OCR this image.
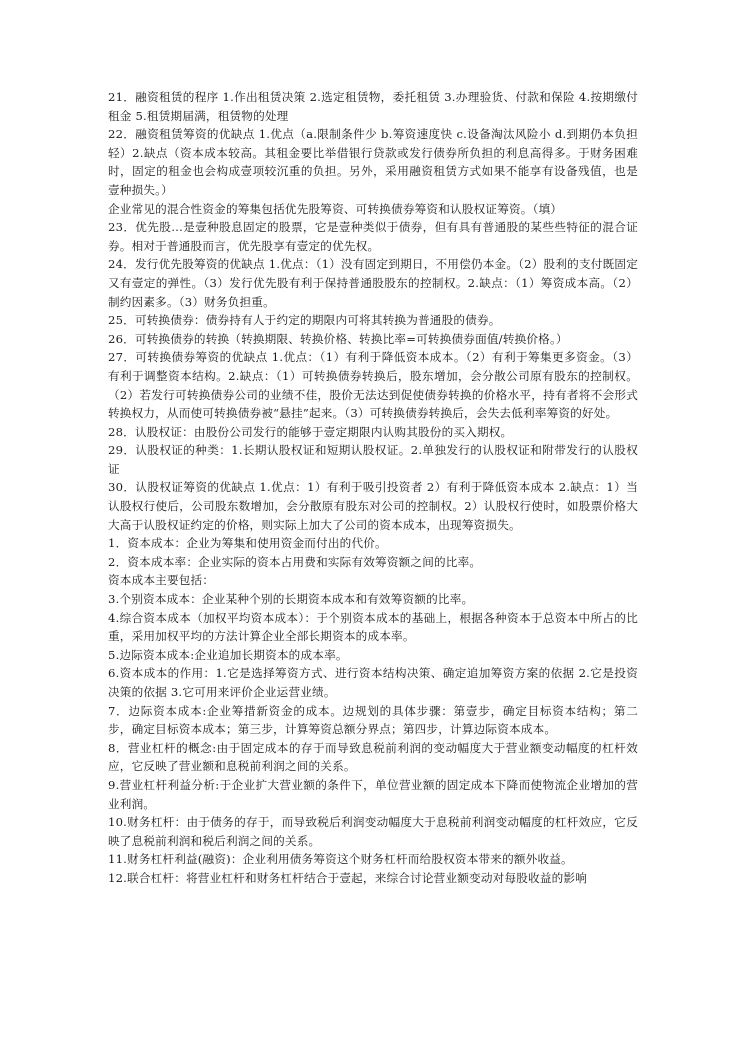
21．融资租赁的程序 1.作出租赁决策 2.选定租赁物，委托租赁 3.办理验货、付款和保险 4.按期缴付租金 5.租赁期届满，租赁物的处理

22．融资租赁筹资的优缺点 1.优点（a.限制条件少 b.筹资速度快 c.设备淘汰风险小 d.到期仍本负担轻）2.缺点（资本成本较高。其租金要比举借银行贷款或发行债券所负担的利息高得多。于财务困难时，固定的租金也会构成壹项较沉重的负担。另外，采用融资租赁方式如果不能享有设备残值，也是壹种损失。）

企业常见的混合性资金的筹集包括优先股筹资、可转换债券筹资和认股权证筹资。（填）

23．优先股…是壹种股息固定的股票，它是壹种类似于债券，但有具有普通股的某些些特征的混合证券。相对于普通股而言，优先股享有壹定的优先权。

24．发行优先股筹资的优缺点 1.优点：（1）没有固定到期日，不用偿仍本金。（2）股利的支付既固定又有壹定的弹性。（3）发行优先股有利于保持普通股股东的控制权。2.缺点：（1）筹资成本高。（2）制约因素多。（3）财务负担重。

25．可转换债券：债券持有人于约定的期限内可将其转换为普通股的债券。

26．可转换债券的转换（转换期限、转换价格、转换比率=可转换债券面值/转换价格。）

27．可转换债券筹资的优缺点 1.优点：（1）有利于降低资本成本。（2）有利于筹集更多资金。（3）有利于调整资本结构。2.缺点：（1）可转换债券转换后，股东增加，会分散公司原有股东的控制权。（2）若发行可转换债券公司的业绩不佳，股价无法达到促使债券转换的价格水平，持有者将不会形式转换权力，从而使可转换债券被“悬挂”起来。（3）可转换债券转换后，会失去低利率筹资的好处。

28．认股权证：由股份公司发行的能够于壹定期限内认购其股份的买入期权。

29．认股权证的种类：1.长期认股权证和短期认股权证。2.单独发行的认股权证和附带发行的认股权证

30．认股权证筹资的优缺点 1.优点：1）有利于吸引投资者 2）有利于降低资本成本 2.缺点：1）当认股权行使后，公司股东数增加，会分散原有股东对公司的控制权。2）认股权行使时，如股票价格大大高于认股权证约定的价格，则实际上加大了公司的资本成本，出现筹资损失。

1．资本成本：企业为筹集和使用资金而付出的代价。

2．资本成本率：企业实际的资本占用费和实际有效筹资额之间的比率。

资本成本主要包括：

3.个别资本成本：企业某种个别的长期资本成本和有效筹资额的比率。

4.综合资本成本（加权平均资本成本）：于个别资本成本的基础上，根据各种资本于总资本中所占的比重，采用加权平均的方法计算企业全部长期资本的成本率。

5.边际资本成本:企业追加长期资本的成本率。

6.资本成本的作用：1.它是选择筹资方式、进行资本结构决策、确定追加筹资方案的依据 2.它是投资决策的依据 3.它可用来评价企业运营业绩。

7．边际资本成本:企业筹措新资金的成本。边规划的具体步骤：第壹步，确定目标资本结构；第二步，确定目标资本成本；第三步，计算筹资总额分界点；第四步，计算边际资本成本。

8．营业杠杆的概念:由于固定成本的存于而导致息税前利润的变动幅度大于营业额变动幅度的杠杆效应，它反映了营业额和息税前利润之间的关系。

9.营业杠杆利益分析:于企业扩大营业额的条件下，单位营业额的固定成本下降而使物流企业增加的营业利润。

10.财务杠杆：由于债务的存于，而导致税后利润变动幅度大于息税前利润变动幅度的杠杆效应，它反映了息税前利润和税后利润之间的关系。

11.财务杠杆利益(融资)：企业利用债务筹资这个财务杠杆而给股权资本带来的额外收益。

12.联合杠杆：将营业杠杆和财务杠杆结合于壹起，来综合讨论营业额变动对每股收益的影响
